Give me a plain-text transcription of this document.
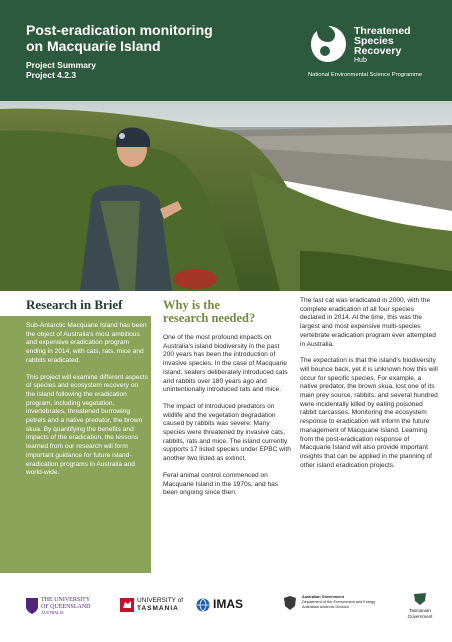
Post-eradication monitoring
on Macquarie Island
Project Summary
Project 4.2.3
Threatened
Species
Recovery
Hub
National Environmental Science Programme
Research in Brief

Sub-Antarctic Macquarie Island has been the object of Australia's most ambitious and expensive eradication program ending in 2014, with cats, rats, mice and rabbits eradicated.

This project will examine different aspects of species and ecosystem recovery on the island following the eradication program, including vegetation, invertebrates, threatened burrowing petrels and a native predator, the brown skua. By quantifying the benefits and impacts of the eradication, the lessons learned from our research will form important guidance for future island-eradication programs in Australia and world-wide.

Why is the
research needed?

One of the most profound impacts on Australia's island biodiversity in the past 200 years has been the introduction of invasive species. In the case of Macquarie Island, sealers deliberately introduced cats and rabbits over 180 years ago and unintentionally introduced rats and mice.

The impact of introduced predators on wildlife and the vegetation degradation caused by rabbits was severe. Many species were threatened by invasive cats, rabbits, rats and mice. The island currently supports 17 listed species under EPBC with another two listed as extinct.

Feral animal control commenced on Macquarie Island in the 1970s, and has been ongoing since then.

The last cat was eradicated in 2000, with the complete eradication of all four species declared in 2014. At the time, this was the largest and most expensive multi-species vertebrate eradication program ever attempted in Australia.

The expectation is that the island's biodiversity will bounce back, yet it is unknown how this will occur for specific species. For example, a native predator, the brown skua, lost one of its main prey source, rabbits, and several hundred were incidentally killed by eating poisoned rabbit carcasses. Monitoring the ecosystem response to eradication will inform the future management of Macquarie Island. Learning from the post-eradication response of Macquarie Island will also provide important insights that can be applied in the planning of other island eradication projects.

THE UNIVERSITY
OF QUEENSLAND
AUSTRALIA
UNIVERSITY of
TASMANIA	IMAS	Australian Government
Department of the Environment and Energy
Australian Antarctic Division
Tasmanian
Government
